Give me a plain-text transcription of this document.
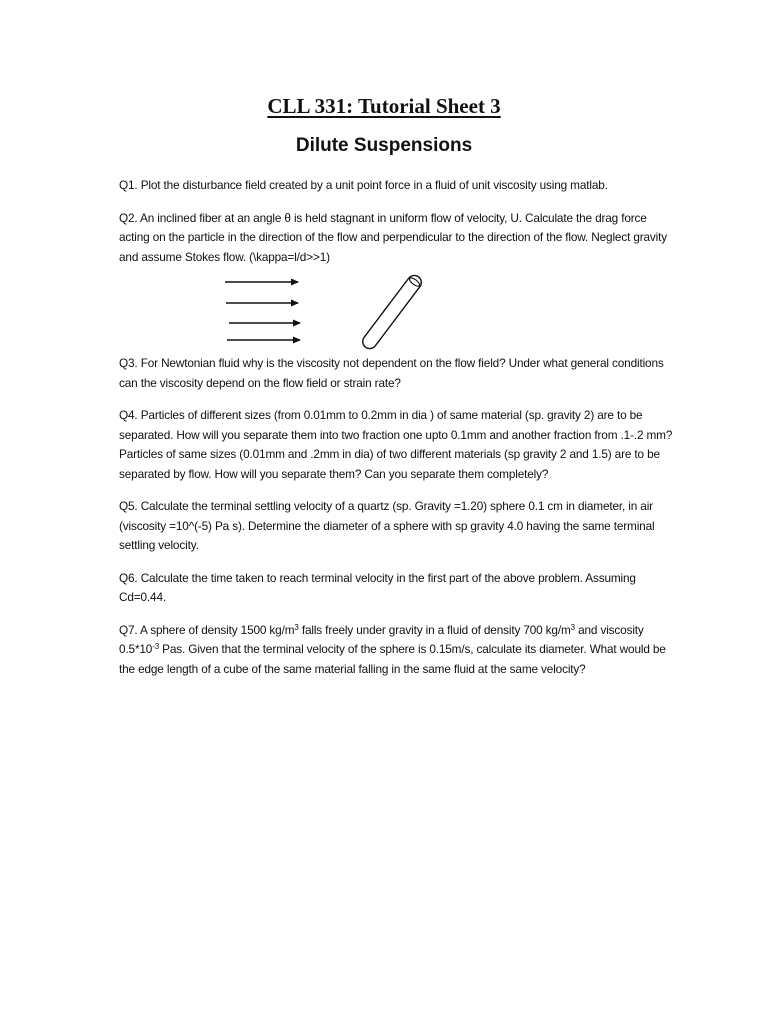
CLL 331: Tutorial Sheet 3
Dilute Suspensions

Q1. Plot the disturbance field created by a unit point force in a fluid of unit viscosity using matlab.

Q2. An inclined fiber at an angle θ is held stagnant in uniform flow of velocity, U. Calculate the drag force acting on the particle in the direction of the flow and perpendicular to the direction of the flow. Neglect gravity and assume Stokes flow. (\kappa=l/d>>1)

Q3. For Newtonian fluid why is the viscosity not dependent on the flow field? Under what general conditions can the viscosity depend on the flow field or strain rate?

Q4. Particles of different sizes (from 0.01mm to 0.2mm in dia ) of same material (sp. gravity 2) are to be separated. How will you separate them into two fraction one upto 0.1mm and another fraction from .1-.2 mm? Particles of same sizes (0.01mm and .2mm in dia) of two different materials (sp gravity 2 and 1.5) are to be separated by flow. How will you separate them? Can you separate them completely?

Q5. Calculate the terminal settling velocity of a quartz (sp. Gravity =1.20) sphere 0.1 cm in diameter, in air (viscosity =10^(-5) Pa s). Determine the diameter of a sphere with sp gravity 4.0 having the same terminal settling velocity.

Q6. Calculate the time taken to reach terminal velocity in the first part of the above problem. Assuming Cd=0.44.

Q7. A sphere of density 1500 $kg/m^3$ falls freely under gravity in a fluid of density 700 $kg/m^3$ and viscosity $0.5*10^{-3}$ Pas. Given that the terminal velocity of the sphere is 0.15m/s, calculate its diameter. What would be the edge length of a cube of the same material falling in the same fluid at the same velocity?
